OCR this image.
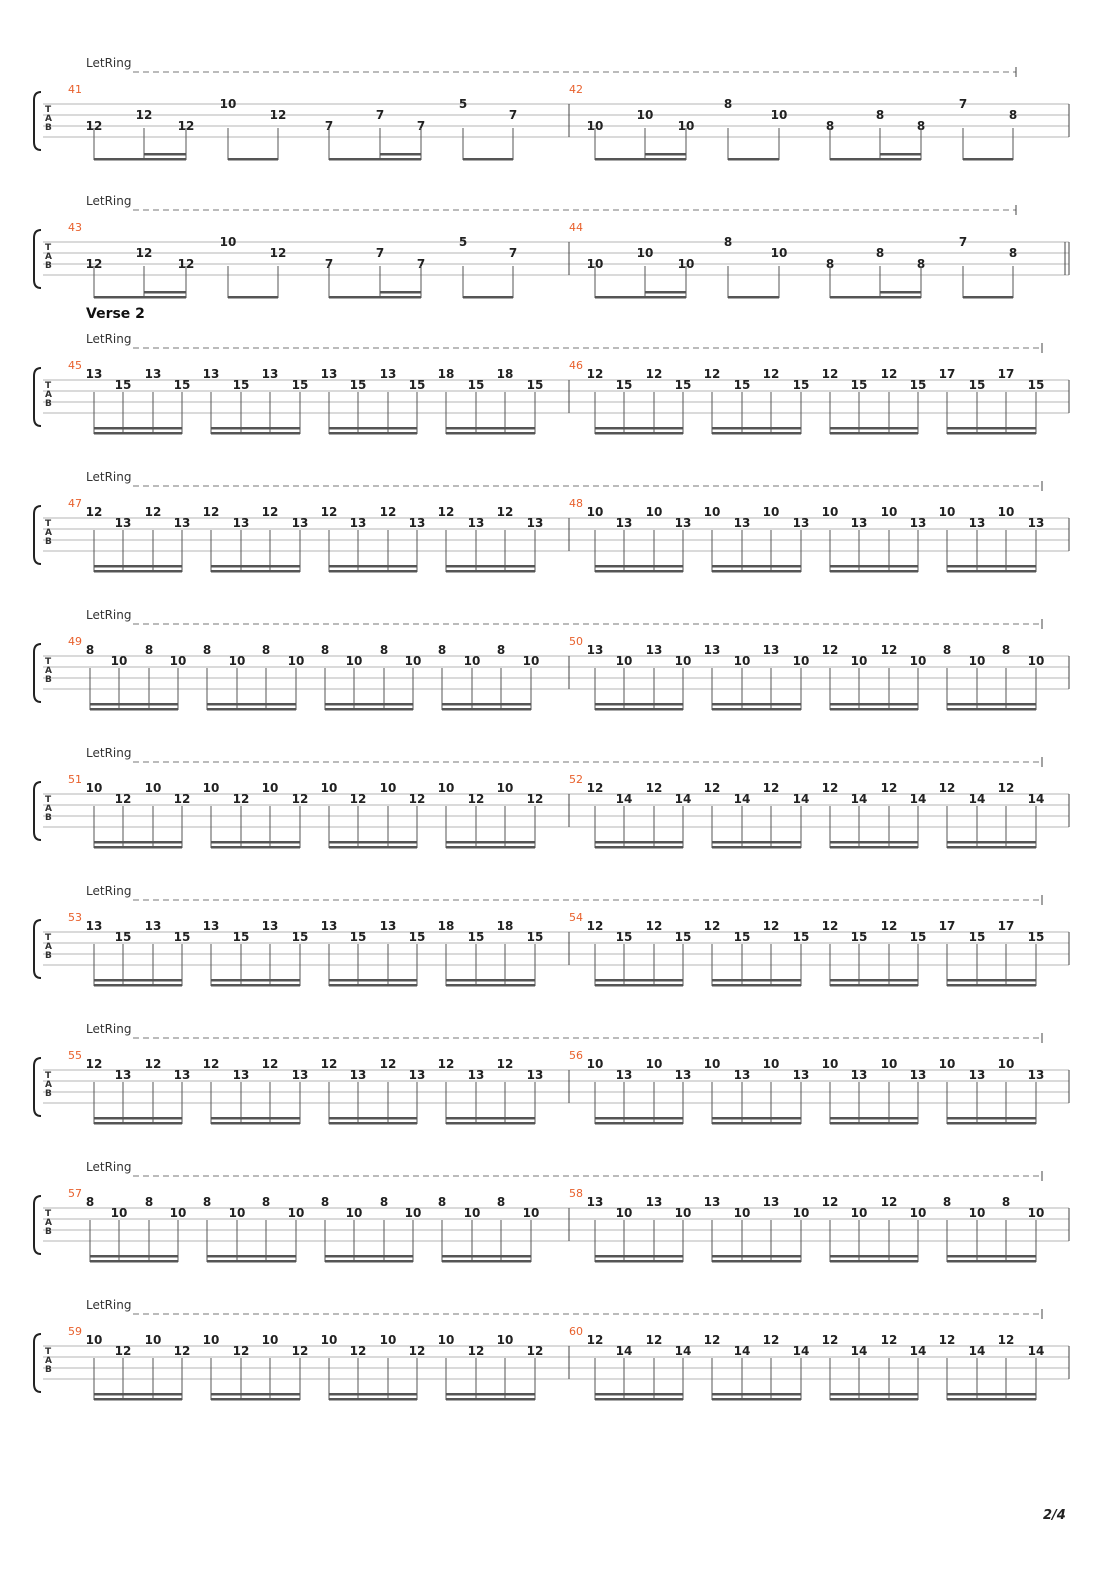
LetRing
T
A
B
41
12
12
12
10
12
7
7
7
5
7
42
10
10
10
8
10
8
8
8
7
8
LetRing
T
A
B
43
12
12
12
10
12
7
7
7
5
7
44
10
10
10
8
10
8
8
8
7
8
Verse 2
LetRing
T
A
B
45
13
15
13
15
13
15
13
15
13
15
13
15
18
15
18
15
46
12
15
12
15
12
15
12
15
12
15
12
15
17
15
17
15
LetRing
T
A
B
47
12
13
12
13
12
13
12
13
12
13
12
13
12
13
12
13
48
10
13
10
13
10
13
10
13
10
13
10
13
10
13
10
13
LetRing
T
A
B
49
8
10
8
10
8
10
8
10
8
10
8
10
8
10
8
10
50
13
10
13
10
13
10
13
10
12
10
12
10
8
10
8
10
LetRing
T
A
B
51
10
12
10
12
10
12
10
12
10
12
10
12
10
12
10
12
52
12
14
12
14
12
14
12
14
12
14
12
14
12
14
12
14
LetRing
T
A
B
53
13
15
13
15
13
15
13
15
13
15
13
15
18
15
18
15
54
12
15
12
15
12
15
12
15
12
15
12
15
17
15
17
15
LetRing
T
A
B
55
12
13
12
13
12
13
12
13
12
13
12
13
12
13
12
13
56
10
13
10
13
10
13
10
13
10
13
10
13
10
13
10
13
LetRing
T
A
B
57
8
10
8
10
8
10
8
10
8
10
8
10
8
10
8
10
58
13
10
13
10
13
10
13
10
12
10
12
10
8
10
8
10
LetRing
T
A
B
59
10
12
10
12
10
12
10
12
10
12
10
12
10
12
10
12
60
12
14
12
14
12
14
12
14
12
14
12
14
12
14
12
14
2/4
